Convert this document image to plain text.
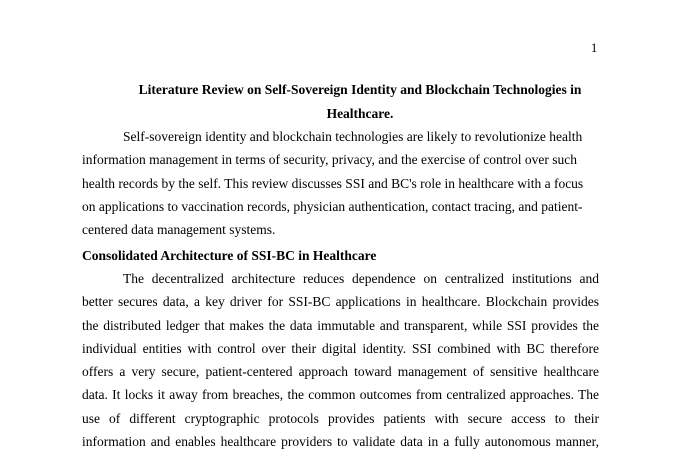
1
Literature Review on Self-Sovereign Identity and Blockchain Technologies in
Healthcare.
Self-sovereign identity and blockchain technologies are likely to revolutionize health
information management in terms of security, privacy, and the exercise of control over such
health records by the self. This review discusses SSI and BC's role in healthcare with a focus
on applications to vaccination records, physician authentication, contact tracing, and patient-
centered data management systems.
Consolidated Architecture of SSI-BC in Healthcare
The decentralized architecture reduces dependence on centralized institutions and
better secures data, a key driver for SSI-BC applications in healthcare. Blockchain provides
the distributed ledger that makes the data immutable and transparent, while SSI provides the
individual entities with control over their digital identity. SSI combined with BC therefore
offers a very secure, patient-centered approach toward management of sensitive healthcare
data. It locks it away from breaches, the common outcomes from centralized approaches. The
use of different cryptographic protocols provides patients with secure access to their
information and enables healthcare providers to validate data in a fully autonomous manner,
